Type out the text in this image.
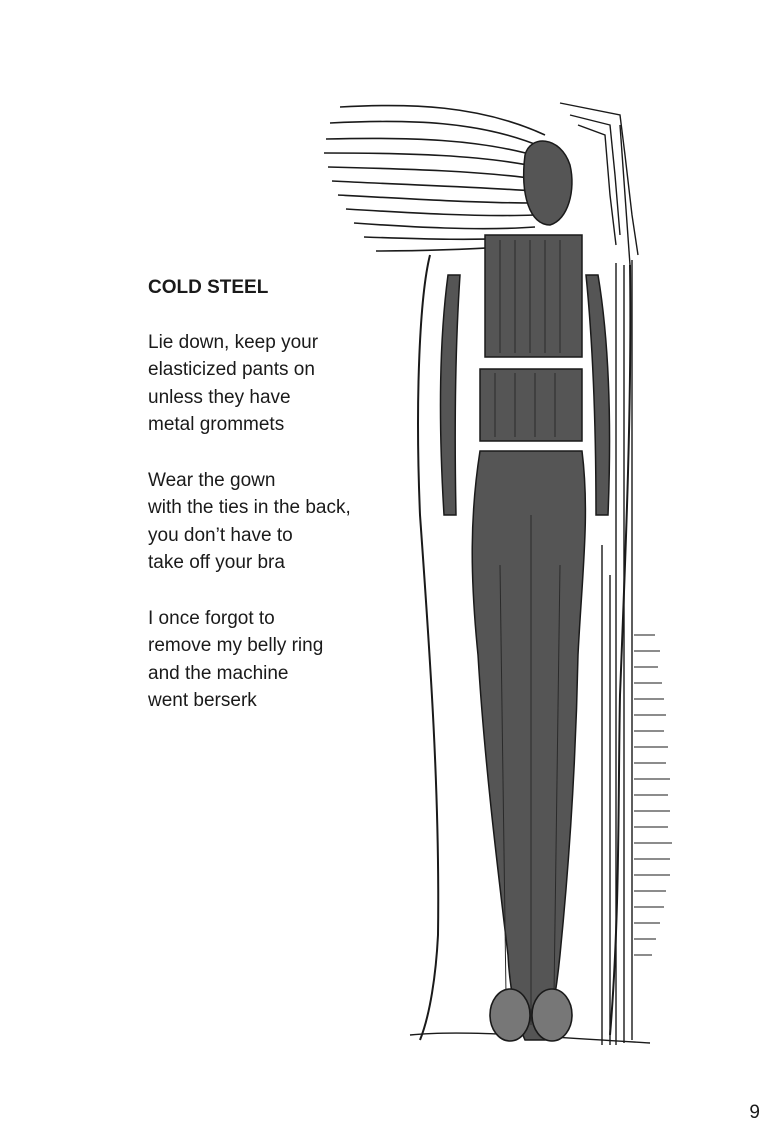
COLD STEEL
Lie down, keep your
elasticized pants on
unless they have
metal grommets
Wear the gown
with the ties in the back,
you don’t have to
take off your bra
I once forgot to
remove my belly ring
and the machine
went berserk
9
